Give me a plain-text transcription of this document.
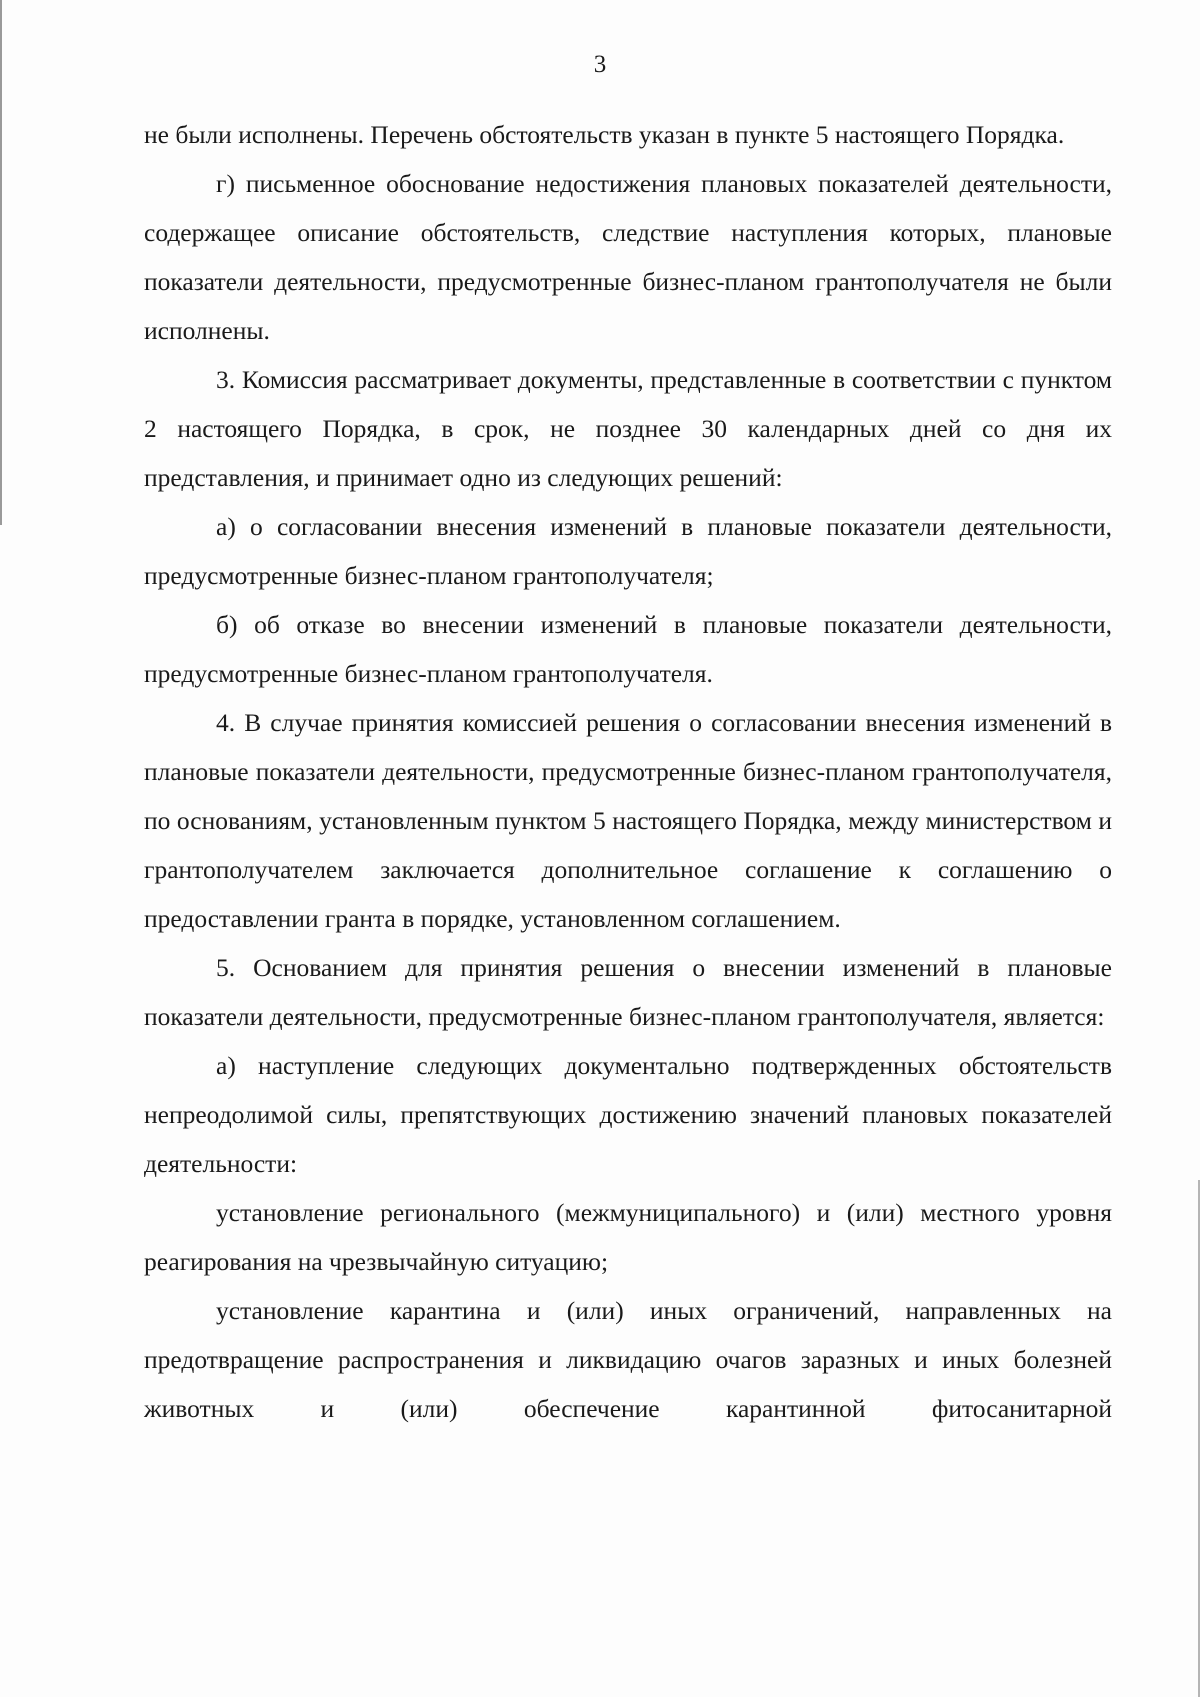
3

не были исполнены. Перечень обстоятельств указан в пункте 5 настоящего Порядка.

г) письменное обоснование недостижения плановых показателей деятельности, содержащее описание обстоятельств, следствие наступления которых, плановые показатели деятельности, предусмотренные бизнес-планом грантополучателя не были исполнены.

3. Комиссия рассматривает документы, представленные в соответствии с пунктом 2 настоящего Порядка, в срок, не позднее 30 календарных дней со дня их представления, и принимает одно из следующих решений:

а) о согласовании внесения изменений в плановые показатели деятельности, предусмотренные бизнес-планом грантополучателя;

б) об отказе во внесении изменений в плановые показатели деятельности, предусмотренные бизнес-планом грантополучателя.

4. В случае принятия комиссией решения о согласовании внесения изменений в плановые показатели деятельности, предусмотренные бизнес-планом грантополучателя, по основаниям, установленным пунктом 5 настоящего Порядка, между министерством и грантополучателем заключается дополнительное соглашение к соглашению о предоставлении гранта в порядке, установленном соглашением.

5. Основанием для принятия решения о внесении изменений в плановые показатели деятельности, предусмотренные бизнес-планом грантополучателя, является:

а) наступление следующих документально подтвержденных обстоятельств непреодолимой силы, препятствующих достижению значений плановых показателей деятельности:

установление регионального (межмуниципального) и (или) местного уровня реагирования на чрезвычайную ситуацию;

установление карантина и (или) иных ограничений, направленных на предотвращение распространения и ликвидацию очагов заразных и иных болезней животных и (или) обеспечение карантинной фитосанитарной
